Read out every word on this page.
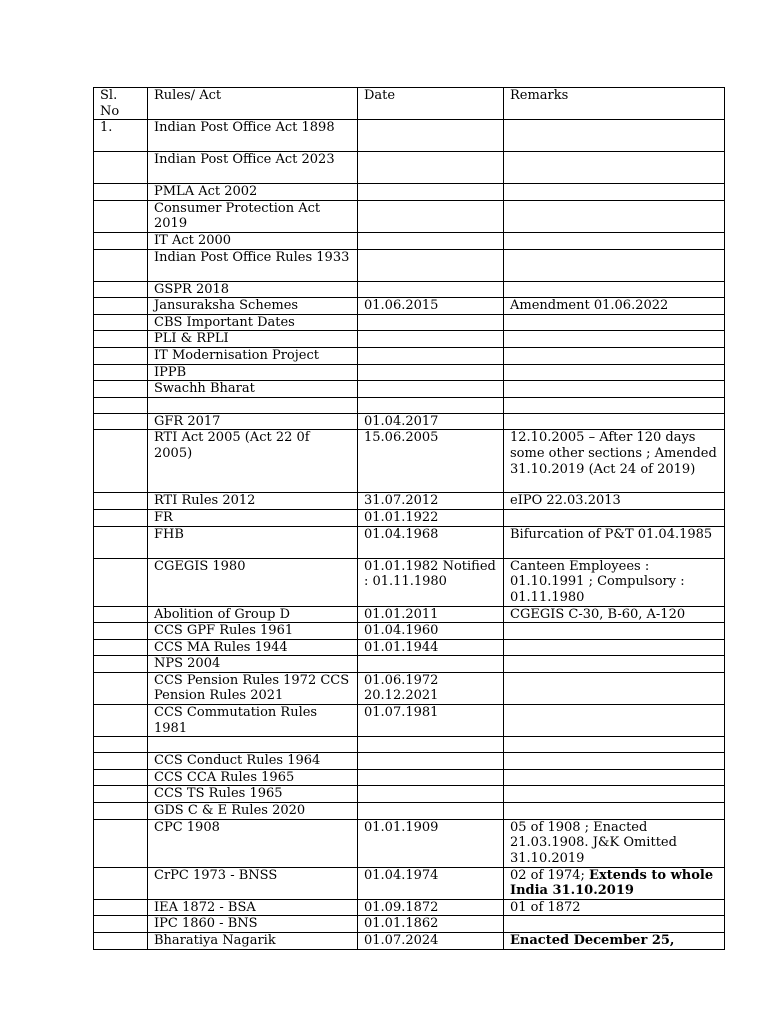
Sl. No	Rules/ Act	Date	Remarks
1.	Indian Post Office Act 1898		
	Indian Post Office Act 2023		
	PMLA Act 2002		
	Consumer Protection Act 2019		
	IT Act 2000		
	Indian Post Office Rules 1933		
	GSPR 2018		
	Jansuraksha Schemes	01.06.2015	Amendment 01.06.2022
	CBS Important Dates		
	PLI & RPLI		
	IT Modernisation Project		
	IPPB		
	Swachh Bharat		

	GFR 2017	01.04.2017	
	RTI Act 2005 (Act 22 0f 2005)	15.06.2005	12.10.2005 – After 120 days some other sections ; Amended 31.10.2019 (Act 24 of 2019)
	RTI Rules 2012	31.07.2012	eIPO 22.03.2013
	FR	01.01.1922	
	FHB	01.04.1968	Bifurcation of P&T 01.04.1985
	CGEGIS 1980	01.01.1982 Notified : 01.11.1980	Canteen Employees : 01.10.1991 ; Compulsory : 01.11.1980
	Abolition of Group D	01.01.2011	CGEGIS C-30, B-60, A-120
	CCS GPF Rules 1961	01.04.1960	
	CCS MA Rules 1944	01.01.1944	
	NPS 2004		
	CCS Pension Rules 1972 CCS Pension Rules 2021	01.06.1972 20.12.2021	
	CCS Commutation Rules 1981	01.07.1981	

	CCS Conduct Rules 1964		
	CCS CCA Rules 1965		
	CCS TS Rules 1965		
	GDS C & E Rules 2020		
	CPC 1908	01.01.1909	05 of 1908 ; Enacted 21.03.1908. J&K Omitted 31.10.2019
	CrPC 1973 - BNSS	01.04.1974	02 of 1974; Extends to whole India 31.10.2019
	IEA 1872 - BSA	01.09.1872	01 of 1872
	IPC 1860 - BNS	01.01.1862	
	Bharatiya Nagarik	01.07.2024	Enacted December 25,
